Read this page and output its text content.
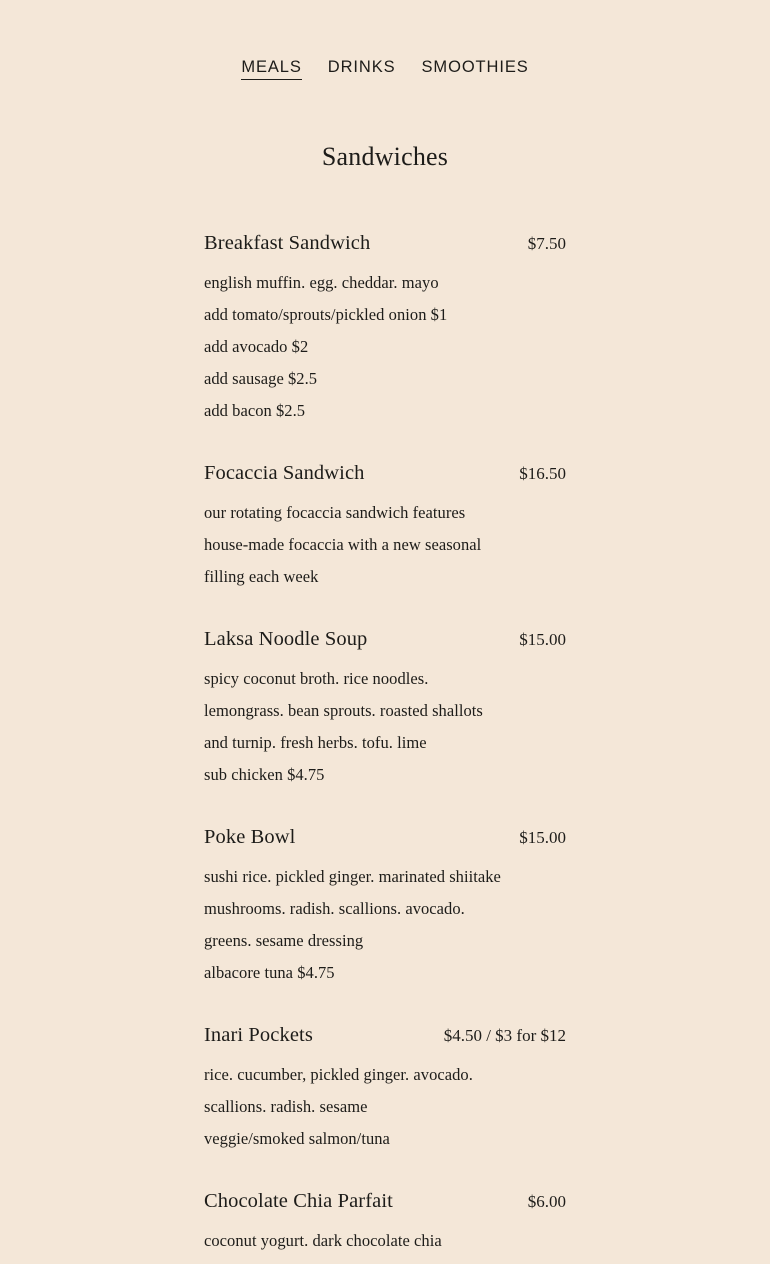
MEALS DRINKS SMOOTHIES
Sandwiches
Breakfast Sandwich	$7.50
english muffin. egg. cheddar. mayo
add tomato/sprouts/pickled onion $1
add avocado $2
add sausage $2.5
add bacon $2.5
Focaccia Sandwich	$16.50
our rotating focaccia sandwich features
house-made focaccia with a new seasonal
filling each week
Laksa Noodle Soup	$15.00
spicy coconut broth. rice noodles.
lemongrass. bean sprouts. roasted shallots
and turnip. fresh herbs. tofu. lime
sub chicken $4.75
Poke Bowl	$15.00
sushi rice. pickled ginger. marinated shiitake
mushrooms. radish. scallions. avocado.
greens. sesame dressing
albacore tuna $4.75
Inari Pockets	$4.50 / $3 for $12
rice. cucumber, pickled ginger. avocado.
scallions. radish. sesame
veggie/smoked salmon/tuna
Chocolate Chia Parfait	$6.00
coconut yogurt. dark chocolate chia
